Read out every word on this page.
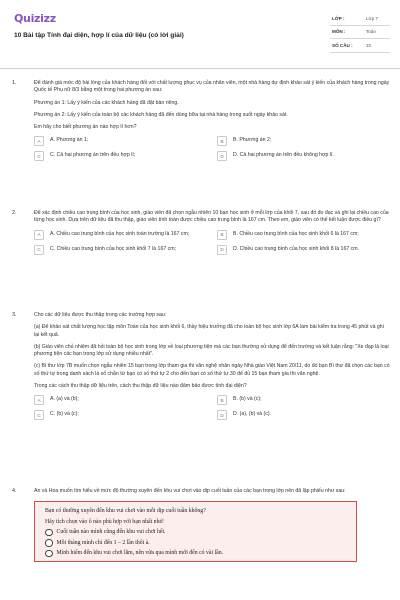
Quizizz
10 Bài tập Tính đại diện, hợp lí của dữ liệu (có lời giải)
LỚP :	Lớp 7
MÔN :	Toán
SỐ CÂU :	10
1.	Để đánh giá mức độ hài lòng của khách hàng đối với chất lượng phục vụ của nhân viên, một nhà hàng dự định khảo sát ý kiến của khách hàng trong ngày Quốc tế Phụ nữ 8/3 bằng một trong hai phương án sau:
Phương án 1: Lấy ý kiến của các khách hàng đã đặt bàn riêng.
Phương án 2: Lấy ý kiến của toàn bộ các khách hàng đã đến dùng bữa tại nhà hàng trong suốt ngày khảo sát.
Em hãy cho biết phương án nào hợp lí hơn?
A	A. Phương án 1;	B	B. Phương án 2;
C	C. Cả hai phương án trên đều hợp lí;	D	D. Cả hai phương án trên đều không hợp lí.
2.	Để xác định chiều cao trung bình của học sinh, giáo viên đã chọn ngẫu nhiên 10 bạn học sinh ở mỗi lớp của khối 7, sau đó đo đạc và ghi lại chiều cao của từng học sinh. Dựa trên dữ liệu đã thu thập, giáo viên tính toán được chiều cao trung bình là 167 cm. Theo em, giáo viên có thể kết luận được điều gì?
A	A. Chiều cao trung bình của học sinh toàn trường là 167 cm;	B	B. Chiều cao trung bình của học sinh khối 6 là 167 cm;
C	C. Chiều cao trung bình của học sinh khối 7 là 167 cm;	D	D. Chiều cao trung bình của học sinh khối 8 là 167 cm.
3.	Cho các dữ liệu được thu thập trong các trường hợp sau:
(a) Để khảo sát chất lượng học tập môn Toán của học sinh khối 6, thầy hiệu trưởng đã cho toàn bộ học sinh lớp 6A làm bài kiểm tra trong 45 phút và ghi lại kết quả.
(b) Giáo viên chủ nhiệm đã hỏi toàn bộ học sinh trong lớp về loại phương tiện mà các bạn thường sử dụng để đến trường và kết luận rằng: "Xe đạp là loại phương tiện các bạn trong lớp sử dụng nhiều nhất".
(c) Bí thư lớp 7B muốn chọn ngẫu nhiên 15 bạn trong lớp tham gia thi văn nghệ nhân ngày Nhà giáo Việt Nam 20/11, do đó bạn Bí thư đã chọn các bạn có số thứ tự trong danh sách là số chẵn từ bạn có số thứ tự 2 cho đến bạn có số thứ tự 30 để đủ 15 bạn tham gia thi văn nghệ.
Trong các cách thu thập dữ liệu trên, cách thu thập dữ liệu nào đảm bảo được tính đại diện?
A	A. (a) và (b);	B	B. (b) và (c);
C	C. (b) và (c);	D	D. (a), (b) và (c).
4.	An và Hoa muốn tìm hiểu về mức độ thường xuyên đến khu vui chơi vào dịp cuối tuần của các bạn trong lớp nên đã lập phiếu như sau:
Bạn có thường xuyên đến khu vui chơi vào mỗi dịp cuối tuần không?
Hãy tích chọn vào ô nào phù hợp với bạn nhất nhé!
Cuối tuần nào mình cũng đến khu vui chơi hết.
Mỗi tháng mình chỉ đến 1 – 2 lần thôi à.
Mình hiếm đến khu vui chơi lắm, nên vừa qua mình mới đến có vài lần.
